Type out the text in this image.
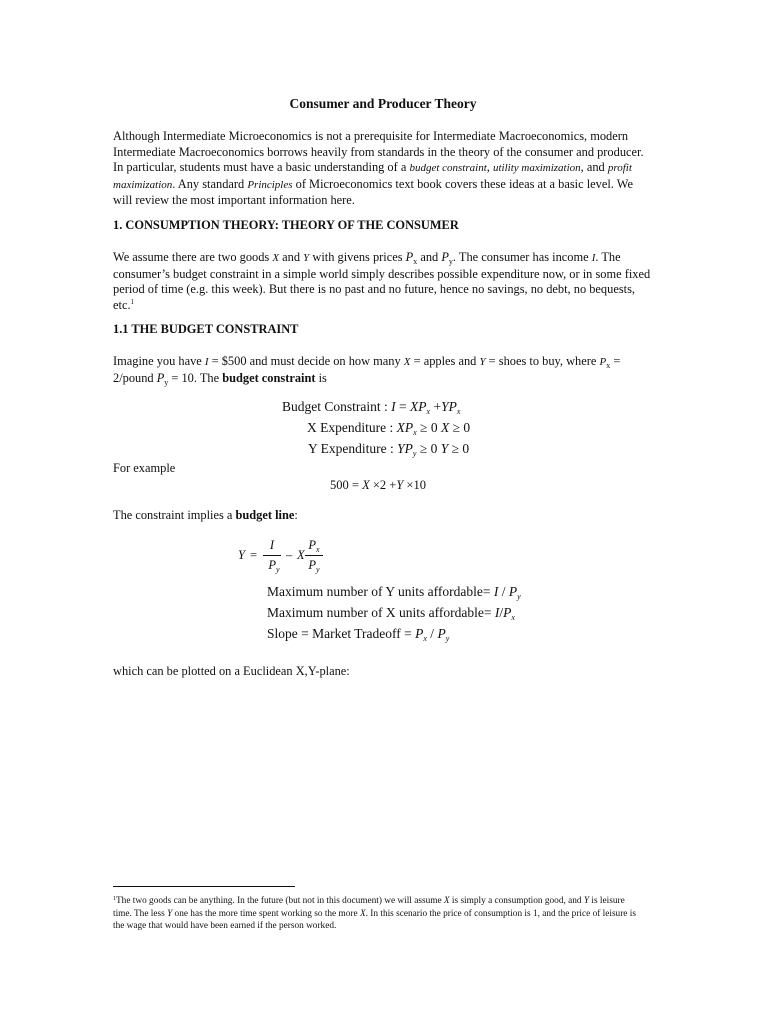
Consumer and Producer Theory
Although Intermediate Microeconomics is not a prerequisite for Intermediate Macroeconomics, modern Intermediate Macroeconomics borrows heavily from standards in the theory of the consumer and producer. In particular, students must have a basic understanding of a budget constraint, utility maximization, and profit maximization. Any standard Principles of Microeconomics text book covers these ideas at a basic level. We will review the most important information here.
1. CONSUMPTION THEORY: THEORY OF THE CONSUMER
We assume there are two goods X and Y with givens prices $P_x$ and $P_y$. The consumer has income I. The consumer’s budget constraint in a simple world simply describes possible expenditure now, or in some fixed period of time (e.g. this week). But there is no past and no future, hence no savings, no debt, no bequests, etc.$^1$
1.1 THE BUDGET CONSTRAINT
Imagine you have I = $500 and must decide on how many X = apples and Y = shoes to buy, where $P_x$ = 2/pound $P_y = 10$. The budget constraint is
Budget Constraint : $I = XP_x +YP_x$
X Expenditure : $XP_x \ge 0$ X ≥ 0
Y Expenditure : $YP_y \ge 0$ Y ≥ 0
For example
500 = X ×2 +Y ×10
The constraint implies a budget line:
Y =
I
$P_y$
– X
$P_x$
$P_y$
Maximum number of Y units affordable= I / $P_y$
Maximum number of X units affordable= $I/P_x$
Slope = Market Tradeoff = $P_x / P_y$
which can be plotted on a Euclidean X,Y-plane:
$^1$The two goods can be anything. In the future (but not in this document) we will assume X is simply a consumption good, and Y is leisure time. The less Y one has the more time spent working so the more X. In this scenario the price of consumption is 1, and the price of leisure is the wage that would have been earned if the person worked.
